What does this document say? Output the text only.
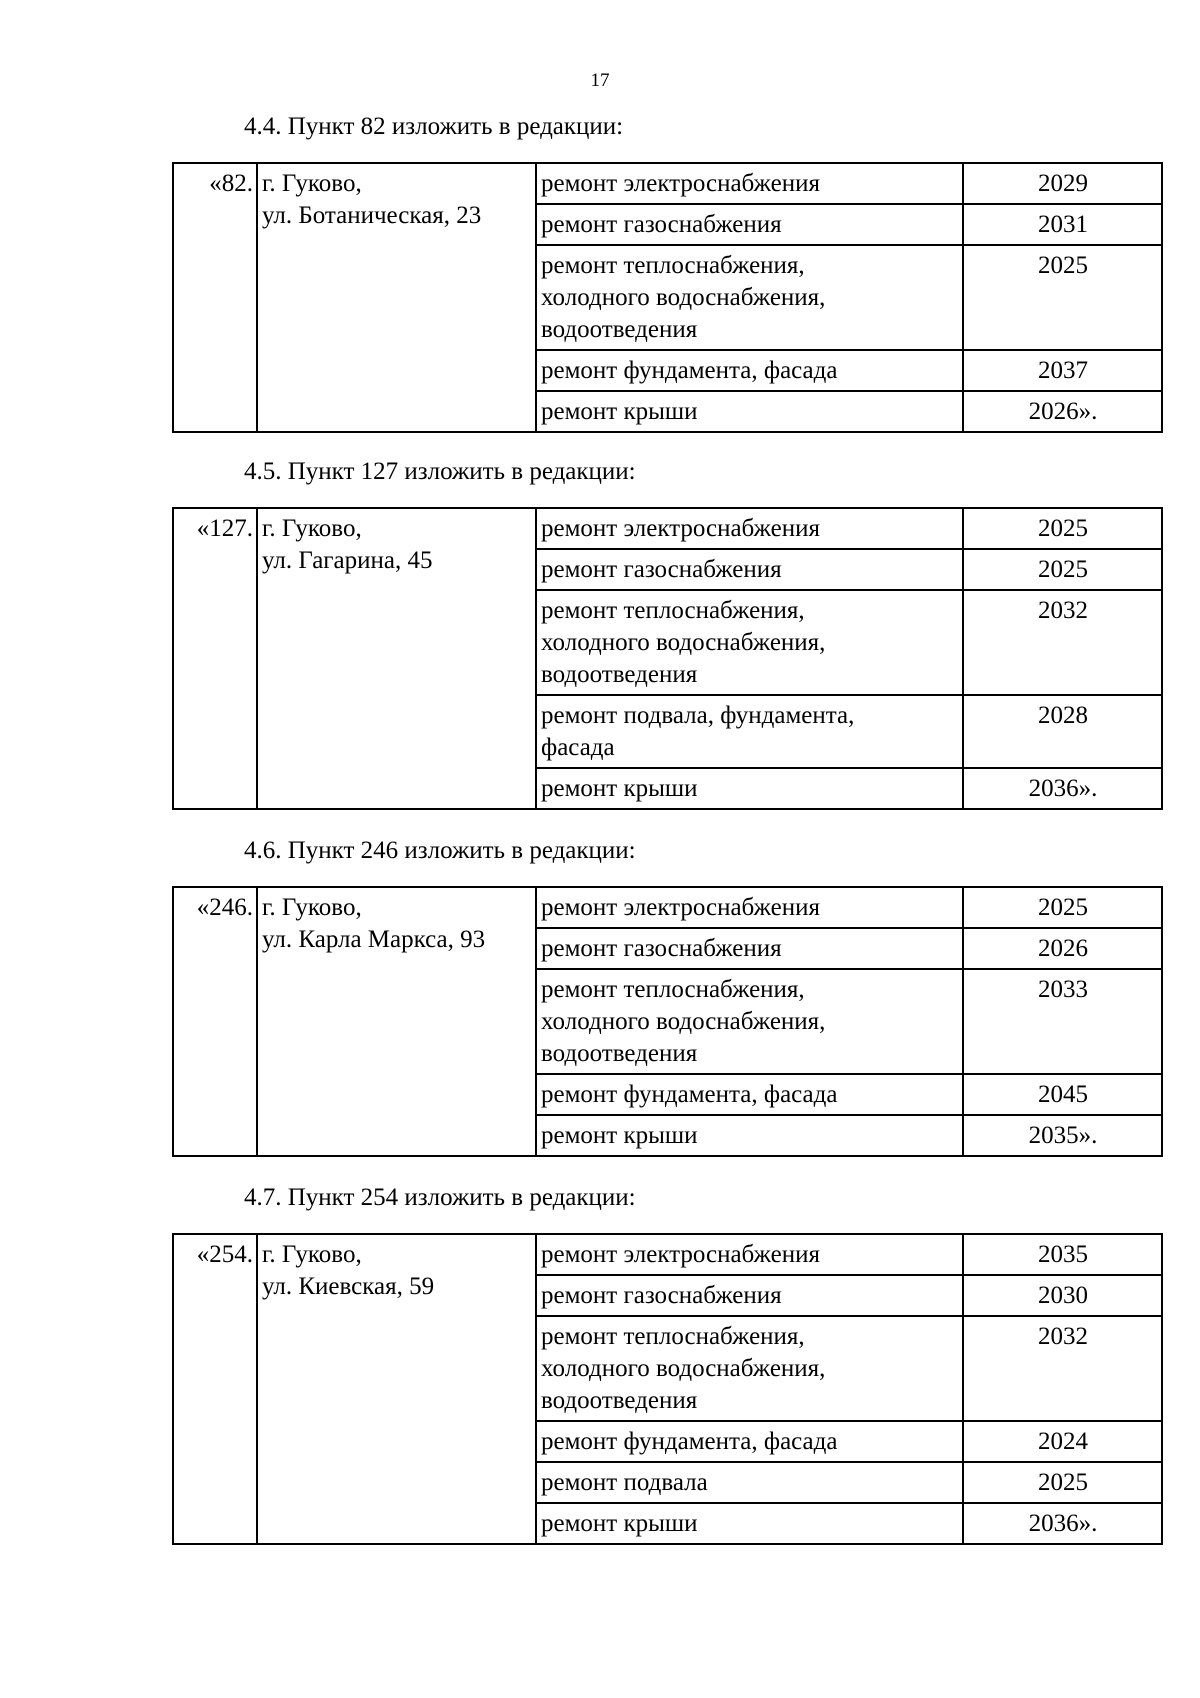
17
4.4. Пункт 82 изложить в редакции:
«82.	г. Гуково,
ул. Ботаническая, 23	ремонт электроснабжения	2029
		ремонт газоснабжения	2031
		ремонт теплоснабжения,
холодного водоснабжения,
водоотведения	2025
		ремонт фундамента, фасада	2037
		ремонт крыши	2026».
4.5. Пункт 127 изложить в редакции:
«127.	г. Гуково,
ул. Гагарина, 45	ремонт электроснабжения	2025
		ремонт газоснабжения	2025
		ремонт теплоснабжения,
холодного водоснабжения,
водоотведения	2032
		ремонт подвала, фундамента,
фасада	2028
		ремонт крыши	2036».
4.6. Пункт 246 изложить в редакции:
«246.	г. Гуково,
ул. Карла Маркса, 93	ремонт электроснабжения	2025
		ремонт газоснабжения	2026
		ремонт теплоснабжения,
холодного водоснабжения,
водоотведения	2033
		ремонт фундамента, фасада	2045
		ремонт крыши	2035».
4.7. Пункт 254 изложить в редакции:
«254.	г. Гуково,
ул. Киевская, 59	ремонт электроснабжения	2035
		ремонт газоснабжения	2030
		ремонт теплоснабжения,
холодного водоснабжения,
водоотведения	2032
		ремонт фундамента, фасада	2024
		ремонт подвала	2025
		ремонт крыши	2036».
